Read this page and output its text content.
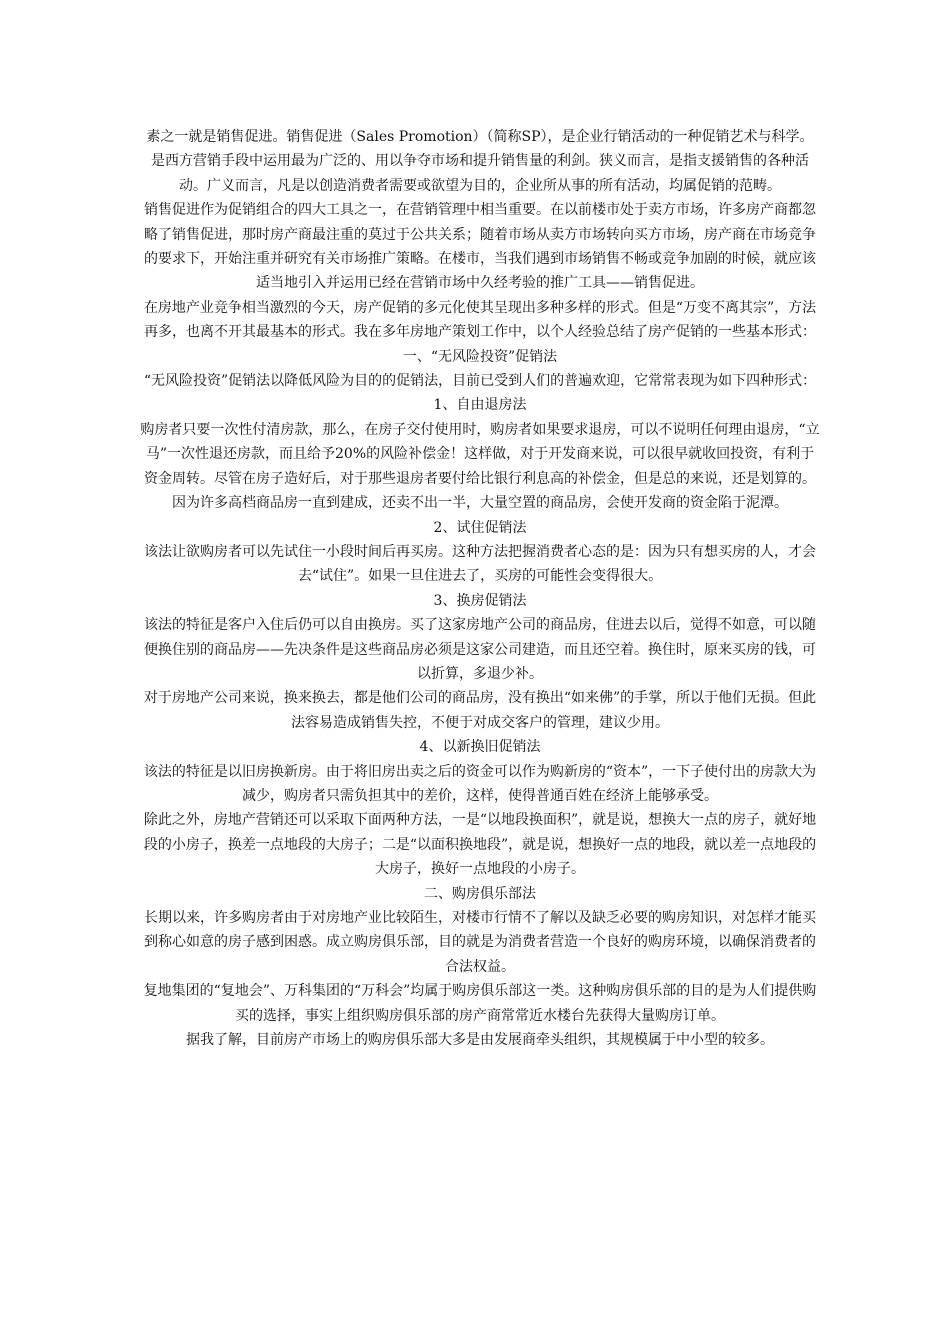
素之一就是销售促进。销售促进（Sales Promotion）（简称SP），是企业行销活动的一种促销艺术与科学。是西方营销手段中运用最为广泛的、用以争夺市场和提升销售量的利剑。狭义而言，是指支援销售的各种活动。广义而言，凡是以创造消费者需要或欲望为目的，企业所从事的所有活动，均属促销的范畴。

销售促进作为促销组合的四大工具之一，在营销管理中相当重要。在以前楼市处于卖方市场，许多房产商都忽略了销售促进，那时房产商最注重的莫过于公共关系；随着市场从卖方市场转向买方市场，房产商在市场竞争的要求下，开始注重并研究有关市场推广策略。在楼市，当我们遇到市场销售不畅或竞争加剧的时候，就应该适当地引入并运用已经在营销市场中久经考验的推广工具——销售促进。

在房地产业竞争相当激烈的今天，房产促销的多元化使其呈现出多种多样的形式。但是“万变不离其宗”，方法再多，也离不开其最基本的形式。我在多年房地产策划工作中，以个人经验总结了房产促销的一些基本形式：

一、“无风险投资”促销法

“无风险投资”促销法以降低风险为目的的促销法，目前已受到人们的普遍欢迎，它常常表现为如下四种形式：

1、自由退房法

购房者只要一次性付清房款，那么，在房子交付使用时，购房者如果要求退房，可以不说明任何理由退房，“立马”一次性退还房款，而且给予20%的风险补偿金！这样做，对于开发商来说，可以很早就收回投资，有利于资金周转。尽管在房子造好后，对于那些退房者要付给比银行利息高的补偿金，但是总的来说，还是划算的。因为许多高档商品房一直到建成，还卖不出一半，大量空置的商品房，会使开发商的资金陷于泥潭。

2、试住促销法

该法让欲购房者可以先试住一小段时间后再买房。这种方法把握消费者心态的是：因为只有想买房的人，才会去“试住”。如果一旦住进去了，买房的可能性会变得很大。

3、换房促销法

该法的特征是客户入住后仍可以自由换房。买了这家房地产公司的商品房，住进去以后，觉得不如意，可以随便换住别的商品房——先决条件是这些商品房必须是这家公司建造，而且还空着。换住时，原来买房的钱，可以折算，多退少补。

对于房地产公司来说，换来换去，都是他们公司的商品房，没有换出“如来佛”的手掌，所以于他们无损。但此法容易造成销售失控，不便于对成交客户的管理，建议少用。

4、以新换旧促销法

该法的特征是以旧房换新房。由于将旧房出卖之后的资金可以作为购新房的“资本”，一下子使付出的房款大为减少，购房者只需负担其中的差价，这样，使得普通百姓在经济上能够承受。

除此之外，房地产营销还可以采取下面两种方法，一是“以地段换面积”，就是说，想换大一点的房子，就好地段的小房子，换差一点地段的大房子；二是“以面积换地段”，就是说，想换好一点的地段，就以差一点地段的大房子，换好一点地段的小房子。

二、购房俱乐部法

长期以来，许多购房者由于对房地产业比较陌生，对楼市行情不了解以及缺乏必要的购房知识，对怎样才能买到称心如意的房子感到困惑。成立购房俱乐部，目的就是为消费者营造一个良好的购房环境，以确保消费者的合法权益。

复地集团的“复地会”、万科集团的“万科会”均属于购房俱乐部这一类。这种购房俱乐部的目的是为人们提供购买的选择，事实上组织购房俱乐部的房产商常常近水楼台先获得大量购房订单。

据我了解，目前房产市场上的购房俱乐部大多是由发展商牵头组织，其规模属于中小型的较多。
